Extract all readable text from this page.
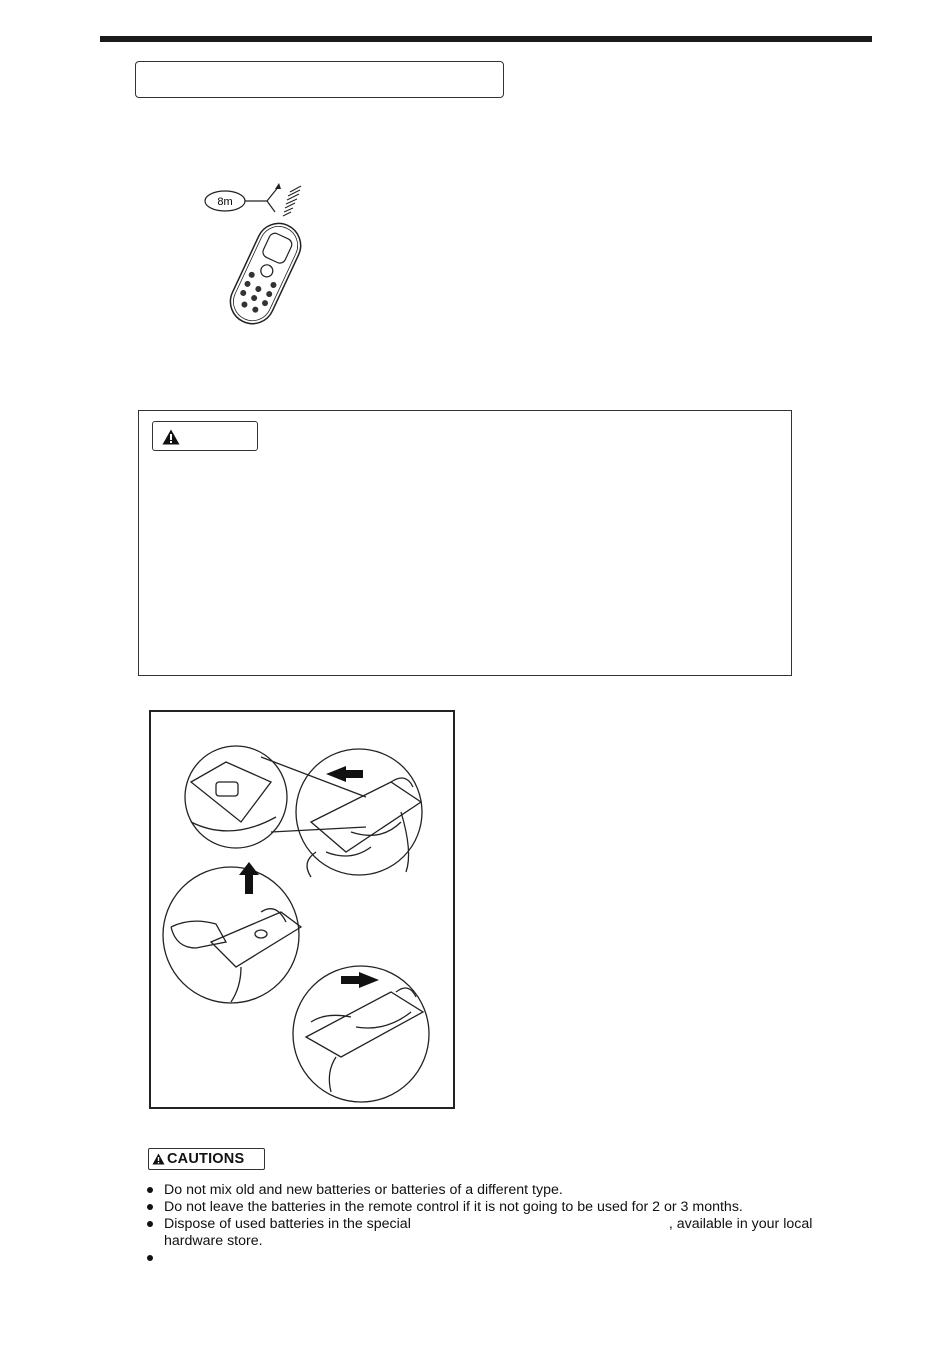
8m
CAUTIONS
Do not mix old and new batteries or batteries of a different type.
Do not leave the batteries in the remote control if it is not going to be used for 2 or 3 months.
Dispose of used batteries in the special	, available in your local
hardware store.
